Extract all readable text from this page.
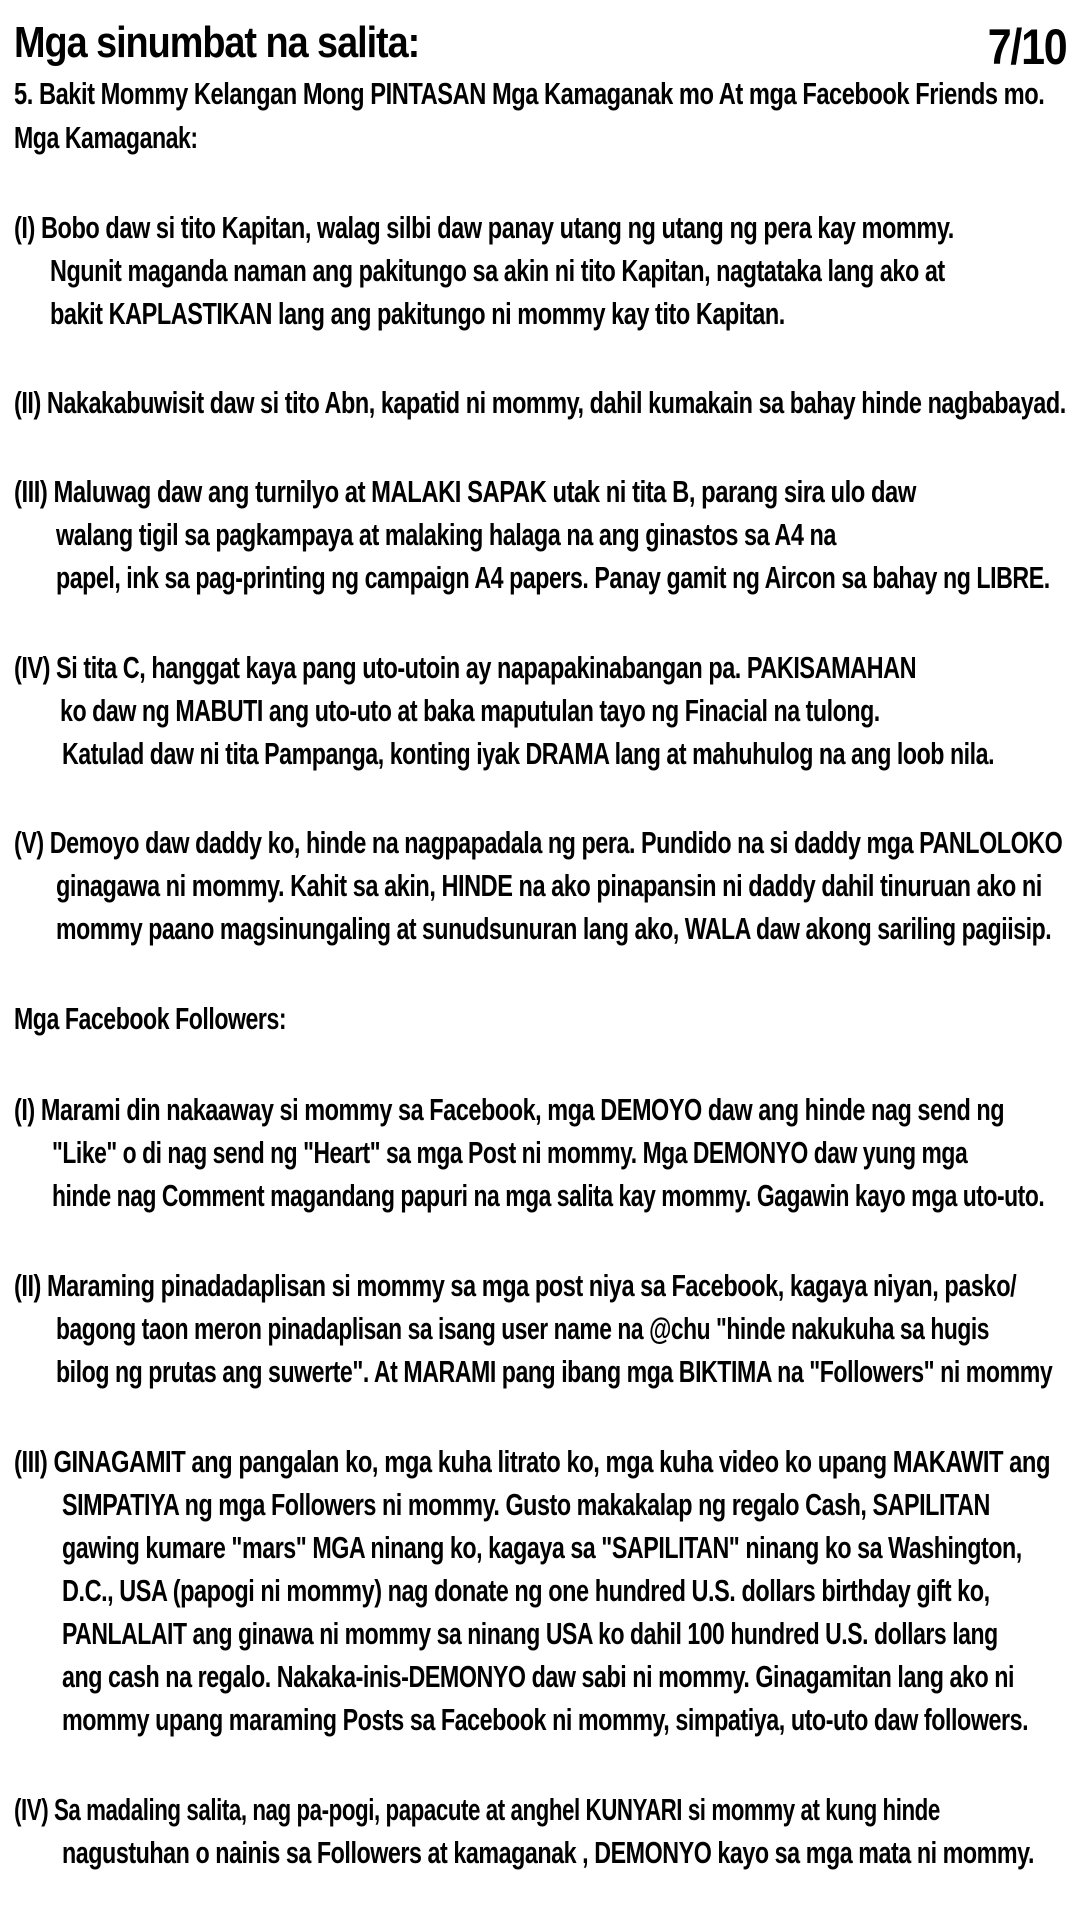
Mga sinumbat na salita:	7/10
5. Bakit Mommy Kelangan Mong PINTASAN Mga Kamaganak mo At mga Facebook Friends mo.
Mga Kamaganak:
(I) Bobo daw si tito Kapitan, walag silbi daw panay utang ng utang ng pera kay mommy.
Ngunit maganda naman ang pakitungo sa akin ni tito Kapitan, nagtataka lang ako at
bakit KAPLASTIKAN lang ang pakitungo ni mommy kay tito Kapitan.
(II) Nakakabuwisit daw si tito Abn, kapatid ni mommy, dahil kumakain sa bahay hinde nagbabayad.
(III) Maluwag daw ang turnilyo at MALAKI SAPAK utak ni tita B, parang sira ulo daw
walang tigil sa pagkampaya at malaking halaga na ang ginastos sa A4 na
papel, ink sa pag-printing ng campaign A4 papers. Panay gamit ng Aircon sa bahay ng LIBRE.
(IV) Si tita C, hanggat kaya pang uto-utoin ay napapakinabangan pa. PAKISAMAHAN
ko daw ng MABUTI ang uto-uto at baka maputulan tayo ng Finacial na tulong.
Katulad daw ni tita Pampanga, konting iyak DRAMA lang at mahuhulog na ang loob nila.
(V) Demoyo daw daddy ko, hinde na nagpapadala ng pera. Pundido na si daddy mga PANLOLOKO
ginagawa ni mommy. Kahit sa akin, HINDE na ako pinapansin ni daddy dahil tinuruan ako ni
mommy paano magsinungaling at sunudsunuran lang ako, WALA daw akong sariling pagiisip.
Mga Facebook Followers:
(I) Marami din nakaaway si mommy sa Facebook, mga DEMOYO daw ang hinde nag send ng
"Like" o di nag send ng "Heart" sa mga Post ni mommy. Mga DEMONYO daw yung mga
hinde nag Comment magandang papuri na mga salita kay mommy. Gagawin kayo mga uto-uto.
(II) Maraming pinadadaplisan si mommy sa mga post niya sa Facebook, kagaya niyan, pasko/
bagong taon meron pinadaplisan sa isang user name na @chu "hinde nakukuha sa hugis
bilog ng prutas ang suwerte". At MARAMI pang ibang mga BIKTIMA na "Followers" ni mommy
(III) GINAGAMIT ang pangalan ko, mga kuha litrato ko, mga kuha video ko upang MAKAWIT ang
SIMPATIYA ng mga Followers ni mommy. Gusto makakalap ng regalo Cash, SAPILITAN
gawing kumare "mars" MGA ninang ko, kagaya sa "SAPILITAN" ninang ko sa Washington,
D.C., USA (papogi ni mommy) nag donate ng one hundred U.S. dollars birthday gift ko,
PANLALAIT ang ginawa ni mommy sa ninang USA ko dahil 100 hundred U.S. dollars lang
ang cash na regalo. Nakaka-inis-DEMONYO daw sabi ni mommy. Ginagamitan lang ako ni
mommy upang maraming Posts sa Facebook ni mommy, simpatiya, uto-uto daw followers.
(IV) Sa madaling salita, nag pa-pogi, papacute at anghel KUNYARI si mommy at kung hinde
nagustuhan o nainis sa Followers at kamaganak , DEMONYO kayo sa mga mata ni mommy.
